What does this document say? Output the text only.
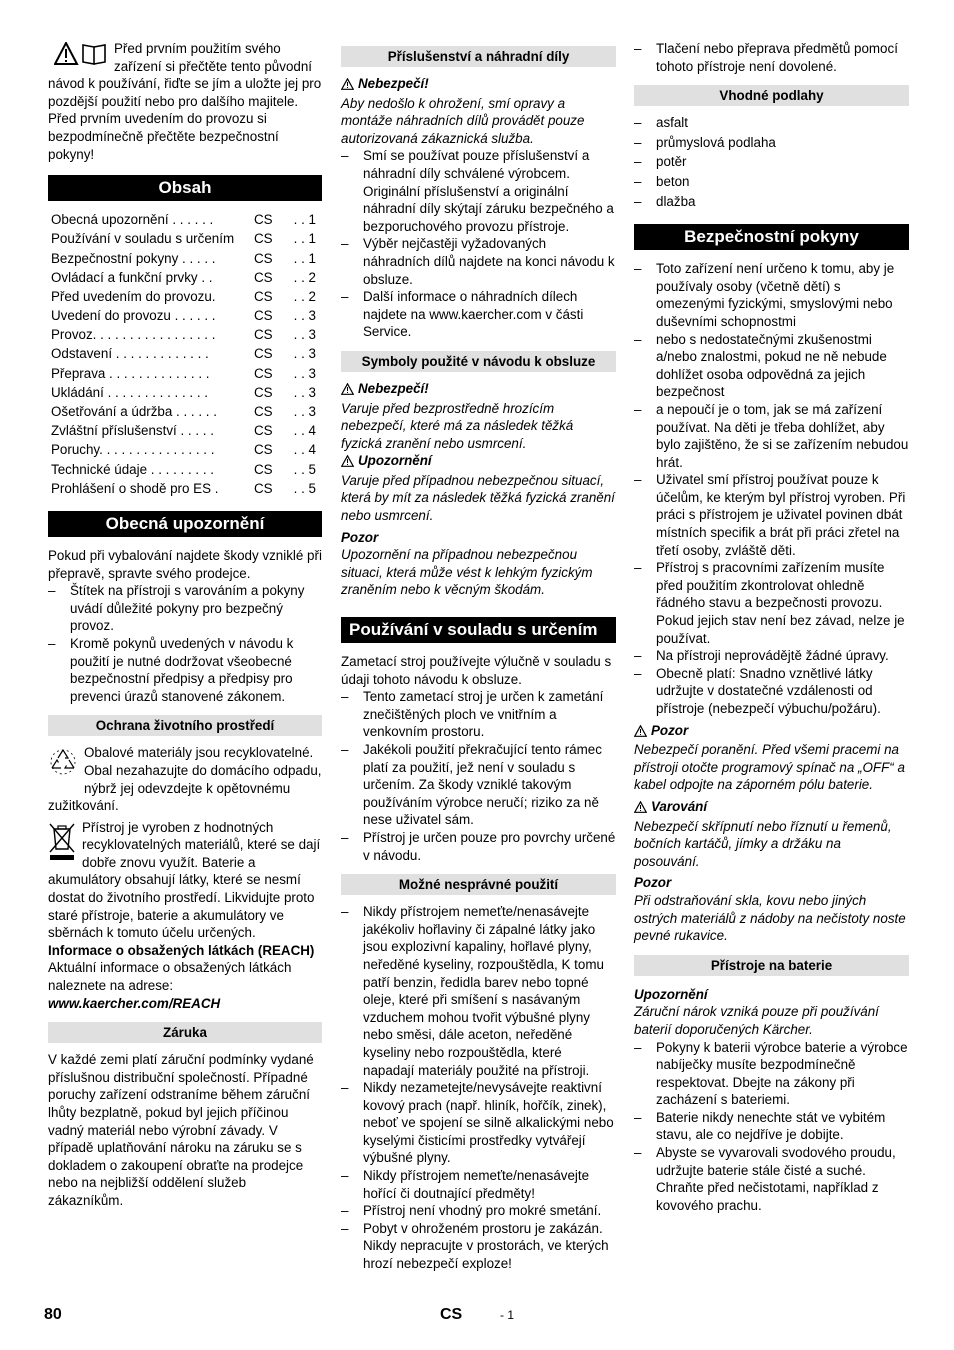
Před prvním použitím svého zařízení si přečtěte tento původní návod k používání, řiďte se jím a uložte jej pro pozdější použití nebo pro dalšího majitele.

Před prvním uvedením do provozu si bezpodmínečně přečtěte bezpečnostní pokyny!

Obsah
Obecná upozornění . . . . . .	CS	. . 1
Používání v souladu s určením	CS	. . 1
Bezpečnostní pokyny . . . . .	CS	. . 1
Ovládací a funkční prvky . .	CS	. . 2
Před uvedením do provozu.	CS	. . 2
Uvedení do provozu . . . . . .	CS	. . 3
Provoz. . . . . . . . . . . . . . . . .	CS	. . 3
Odstavení . . . . . . . . . . . . .	CS	. . 3
Přeprava . . . . . . . . . . . . . .	CS	. . 3
Ukládání . . . . . . . . . . . . . .	CS	. . 3
Ošetřování a údržba . . . . . .	CS	. . 3
Zvláštní příslušenství . . . . .	CS	. . 4
Poruchy. . . . . . . . . . . . . . . .	CS	. . 4
Technické údaje . . . . . . . . .	CS	. . 5
Prohlášení o shodě pro ES .	CS	. . 5
Obecná upozornění

Pokud při vybalování najdete škody vzniklé při přepravě, spravte svého prodejce.

– Štítek na přístroji s varováním a pokyny uvádí důležité pokyny pro bezpečný provoz.
– Kromě pokynů uvedených v návodu k použití je nutné dodržovat všeobecné bezpečnostní předpisy a předpisy pro prevenci úrazů stanovené zákonem.
Ochrana životního prostředí

Obalové materiály jsou recyklovatelné. Obal nezahazujte do domácího odpadu, nýbrž jej odevzdejte k opětovnému zužitkování.

Přístroj je vyroben z hodnotných recyklovatelných materiálů, které se dají dobře znovu využít. Baterie a akumulátory obsahují látky, které se nesmí dostat do životního prostředí. Likvidujte proto staré přístroje, baterie a akumulátory ve sběrnách k tomuto účelu určených.

Informace o obsažených látkách (REACH)

Aktuální informace o obsažených látkách naleznete na adrese:

www.kaercher.com/REACH

Záruka

V každé zemi platí záruční podmínky vydané příslušnou distribuční společností. Případné poruchy zařízení odstraníme během záruční lhůty bezplatně, pokud byl jejich příčinou vadný materiál nebo výrobní závady. V případě uplatňování nároku na záruku se s dokladem o zakoupení obraťte na prodejce nebo na nejbližší oddělení služeb zákazníkům.

Příslušenství a náhradní díly

Nebezpečí!

Aby nedošlo k ohrožení, smí opravy a montáže náhradních dílů provádět pouze autorizovaná zákaznická služba.

– Smí se používat pouze příslušenství a náhradní díly schválené výrobcem. Originální příslušenství a originální náhradní díly skýtají záruku bezpečného a bezporuchového provozu přístroje.
– Výběr nejčastěji vyžadovaných náhradních dílů najdete na konci návodu k obsluze.
– Další informace o náhradních dílech najdete na www.kaercher.com v části Service.
Symboly použité v návodu k obsluze

Nebezpečí!

Varuje před bezprostředně hrozícím nebezpečí, které má za následek těžká fyzická zranění nebo usmrcení.

Upozornění

Varuje před případnou nebezpečnou situací, která by mít za následek těžká fyzická zranění nebo usmrcení.

Pozor

Upozornění na případnou nebezpečnou situaci, která může vést k lehkým fyzickým zraněním nebo k věcným škodám.

Používání v souladu s určením

Zametací stroj používejte výlučně v souladu s údaji tohoto návodu k obsluze.

– Tento zametací stroj je určen k zametání znečištěných ploch ve vnitřním a venkovním prostoru.
– Jakékoli použití překračující tento rámec platí za použití, jež není v souladu s určením. Za škody vzniklé takovým používáním výrobce neručí; riziko za ně nese uživatel sám.
– Přístroj je určen pouze pro povrchy určené v návodu.
Možné nesprávné použití
– Nikdy přístrojem nemeťte/nenasávejte jakékoliv hořlaviny či zápalné látky jako jsou explozivní kapaliny, hořlavé plyny, neředěné kyseliny, rozpouštědla, K tomu patří benzin, ředidla barev nebo topné oleje, které při smíšení s nasávaným vzduchem mohou tvořit výbušné plyny nebo směsi, dále aceton, neředěné kyseliny nebo rozpouštědla, které napadají materiály použité na přístroji.
– Nikdy nezametejte/nevysávejte reaktivní kovový prach (např. hliník, hořčík, zinek), neboť ve spojení se silně alkalickými nebo kyselými čisticími prostředky vytvářejí výbušné plyny.
– Nikdy přístrojem nemeťte/nenasávejte hořící či doutnající předměty!
– Přístroj není vhodný pro mokré smetání.
– Pobyt v ohroženém prostoru je zakázán. Nikdy nepracujte v prostorách, ve kterých hrozí nebezpečí exploze!
– Tlačení nebo přeprava předmětů pomocí tohoto přístroje není dovolené.
Vhodné podlahy
– asfalt
– průmyslová podlaha
– potěr
– beton
– dlažba
Bezpečnostní pokyny
– Toto zařízení není určeno k tomu, aby je používaly osoby (včetně dětí) s omezenými fyzickými, smyslovými nebo duševními schopnostmi
– nebo s nedostatečnými zkušenostmi a/nebo znalostmi, pokud ne ně nebude dohlížet osoba odpovědná za jejich bezpečnost
– a nepoučí je o tom, jak se má zařízení používat. Na děti je třeba dohlížet, aby bylo zajištěno, že si se zařízením nebudou hrát.
– Uživatel smí přístroj používat pouze k účelům, ke kterým byl přístroj vyroben. Při práci s přístrojem je uživatel povinen dbát místních specifik a brát při práci zřetel na třetí osoby, zvláště děti.
– Přístroj s pracovními zařízením musíte před použitím zkontrolovat ohledně řádného stavu a bezpečnosti provozu. Pokud jejich stav není bez závad, nelze je používat.
– Na přístroji neprovádějtě žádné úpravy.
– Obecně platí: Snadno vznětlivé látky udržujte v dostatečné vzdálenosti od přístroje (nebezpečí výbuchu/požáru).

Pozor

Nebezpečí poranění. Před všemi pracemi na přístroji otočte programový spínač na „OFF“ a kabel odpojte na záporném pólu baterie.

Varování

Nebezpečí skřípnutí nebo říznutí u řemenů, bočních kartáčů, jímky a držáku na posouvání.

Pozor

Při odstraňování skla, kovu nebo jiných ostrých materiálů z nádoby na nečistoty noste pevné rukavice.

Přístroje na baterie

Upozornění

Záruční nárok vzniká pouze při používání baterií doporučených Kärcher.

– Pokyny k baterii výrobce baterie a výrobce nabíječky musíte bezpodmínečně respektovat. Dbejte na zákony při zacházení s bateriemi.
– Baterie nikdy nenechte stát ve vybitém stavu, ale co nejdříve je dobijte.
– Abyste se vyvarovali svodového proudu, udržujte baterie stále čisté a suché. Chraňte před nečistotami, například z kovového prachu.
80	CS	- 1
